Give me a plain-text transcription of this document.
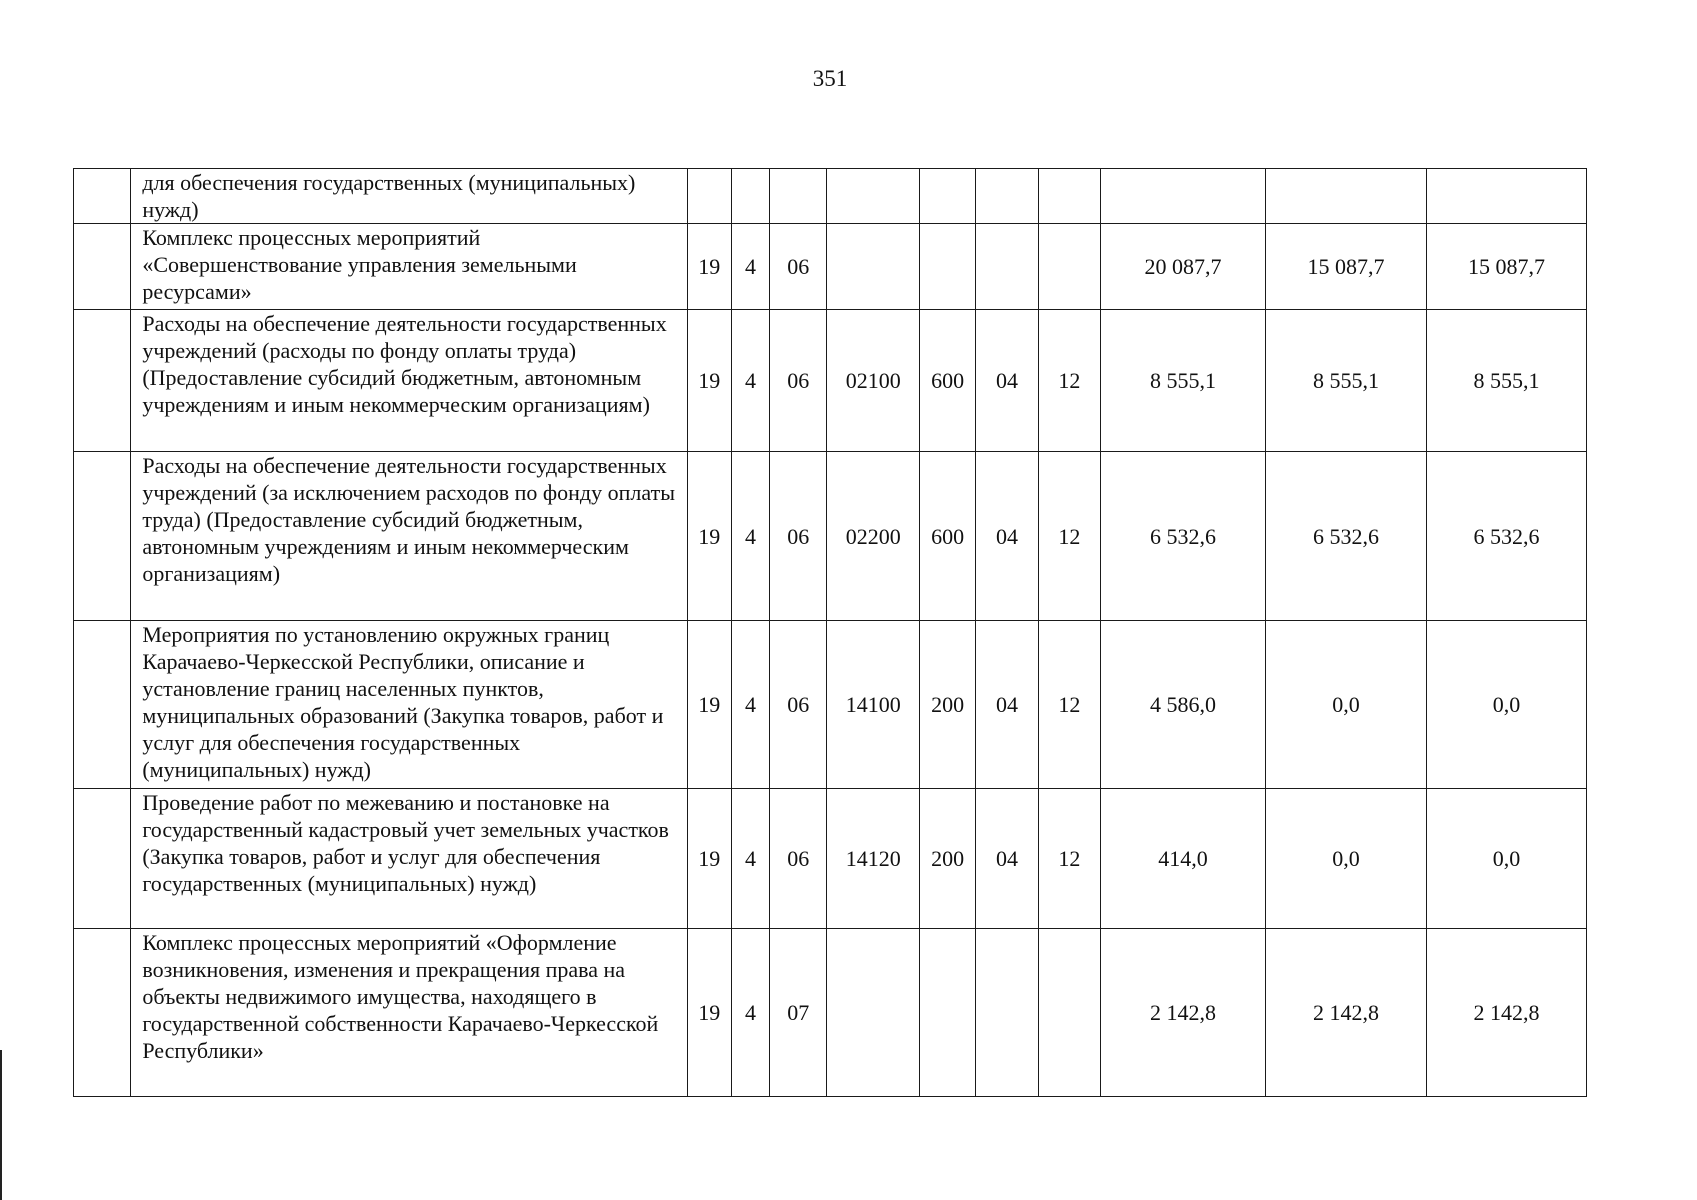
351
	для обеспечения государственных (муниципальных) нужд)										
	Комплекс процессных мероприятий «Совершенствование управления земельными ресурсами»	19	4	06					20 087,7	15 087,7	15 087,7
	Расходы на обеспечение деятельности государственных учреждений (расходы по фонду оплаты труда) (Предоставление субсидий бюджетным, автономным учреждениям и иным некоммерческим организациям)	19	4	06	02100	600	04	12	8 555,1	8 555,1	8 555,1
	Расходы на обеспечение деятельности государственных учреждений (за исключением расходов по фонду оплаты труда) (Предоставление субсидий бюджетным, автономным учреждениям и иным некоммерческим организациям)	19	4	06	02200	600	04	12	6 532,6	6 532,6	6 532,6
	Мероприятия по установлению окружных границ Карачаево-Черкесской Республики, описание и установление границ населенных пунктов, муниципальных образований (Закупка товаров, работ и услуг для обеспечения государственных (муниципальных) нужд)	19	4	06	14100	200	04	12	4 586,0	0,0	0,0
	Проведение работ по межеванию и постановке на государственный кадастровый учет земельных участков (Закупка товаров, работ и услуг для обеспечения государственных (муниципальных) нужд)	19	4	06	14120	200	04	12	414,0	0,0	0,0
	Комплекс процессных мероприятий «Оформление возникновения, изменения и прекращения права на объекты недвижимого имущества, находящего в государственной собственности Карачаево-Черкесской Республики»	19	4	07					2 142,8	2 142,8	2 142,8
